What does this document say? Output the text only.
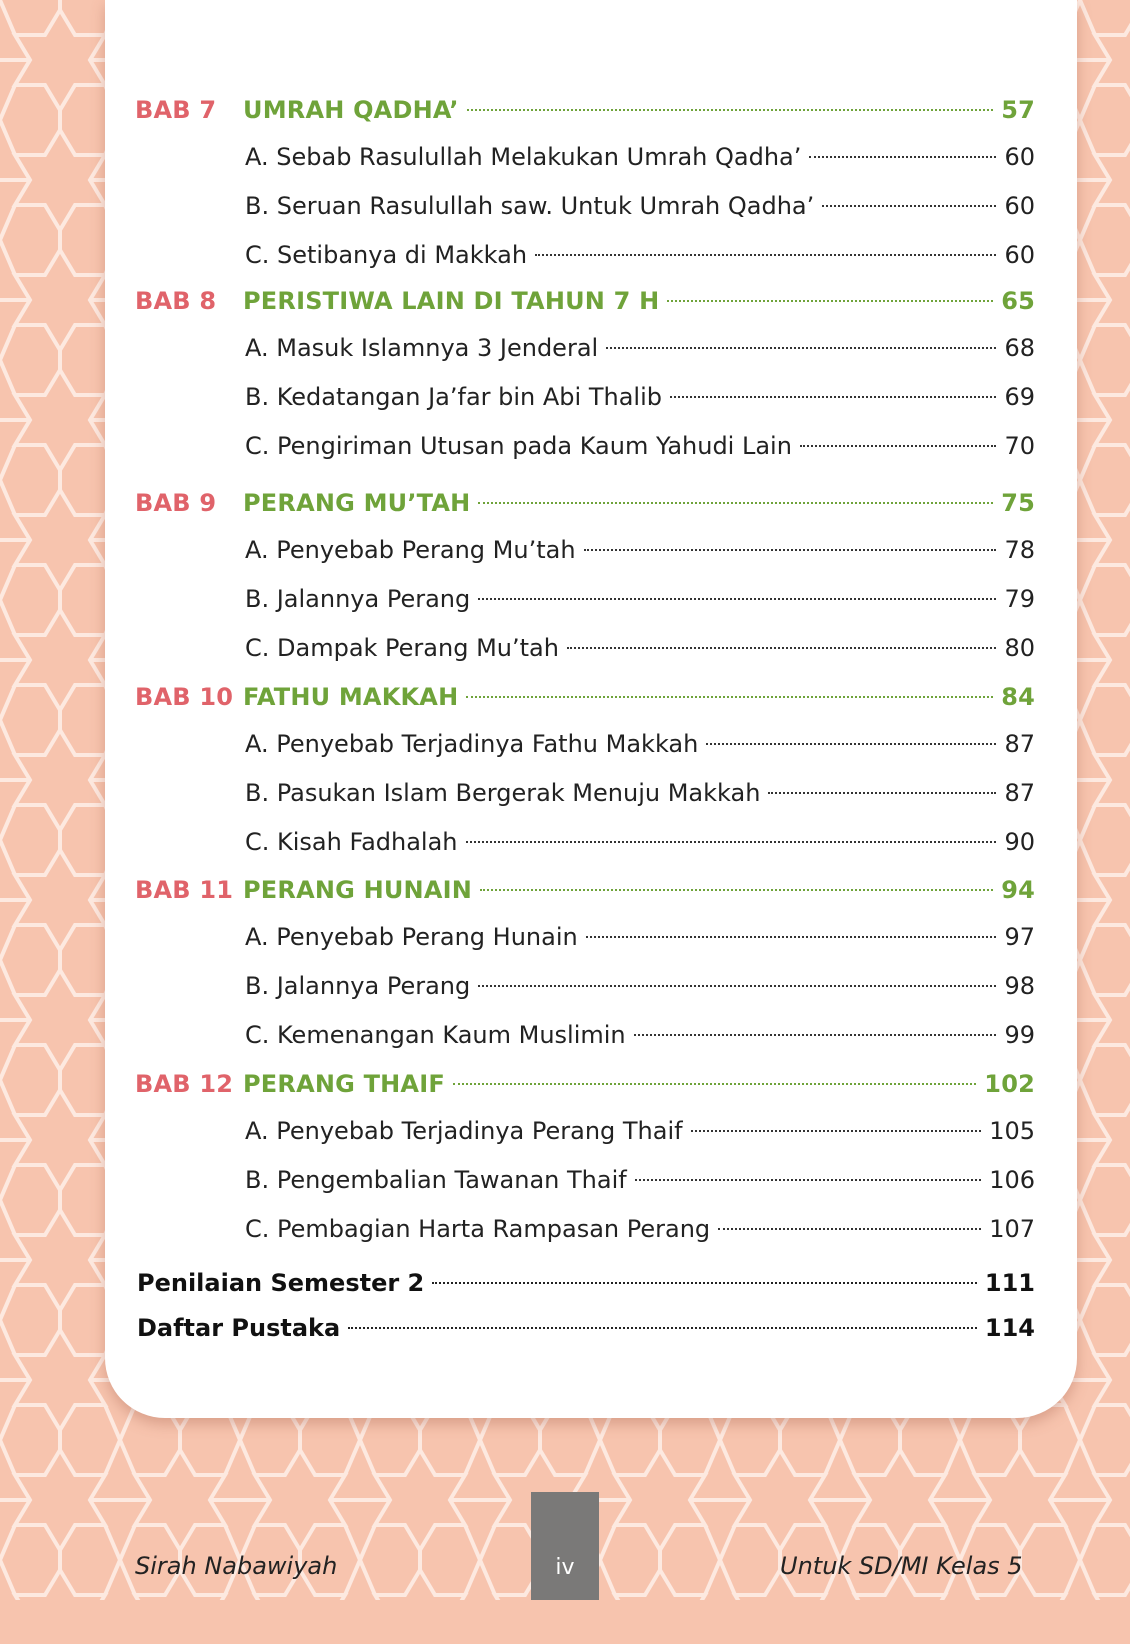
BAB 7	UMRAH QADHA’	57
A. Sebab Rasulullah Melakukan Umrah Qadha’	60
B. Seruan Rasulullah saw. Untuk Umrah Qadha’	60
C. Setibanya di Makkah	60
BAB 8	PERISTIWA LAIN DI TAHUN 7 H	65
A. Masuk Islamnya 3 Jenderal	68
B. Kedatangan Ja’far bin Abi Thalib	69
C. Pengiriman Utusan pada Kaum Yahudi Lain	70
BAB 9	PERANG MU’TAH	75
A. Penyebab Perang Mu’tah	78
B. Jalannya Perang	79
C. Dampak Perang Mu’tah	80
BAB 10 FATHU MAKKAH	84
A. Penyebab Terjadinya Fathu Makkah	87
B. Pasukan Islam Bergerak Menuju Makkah	87
C. Kisah Fadhalah	90
BAB 11 PERANG HUNAIN	94
A. Penyebab Perang Hunain	97
B. Jalannya Perang	98
C. Kemenangan Kaum Muslimin	99
BAB 12 PERANG THAIF	102
A. Penyebab Terjadinya Perang Thaif	105
B. Pengembalian Tawanan Thaif	106
C. Pembagian Harta Rampasan Perang	107
Penilaian Semester 2	111
Daftar Pustaka	114
iv
Sirah Nabawiyah	Untuk SD/MI Kelas 5
